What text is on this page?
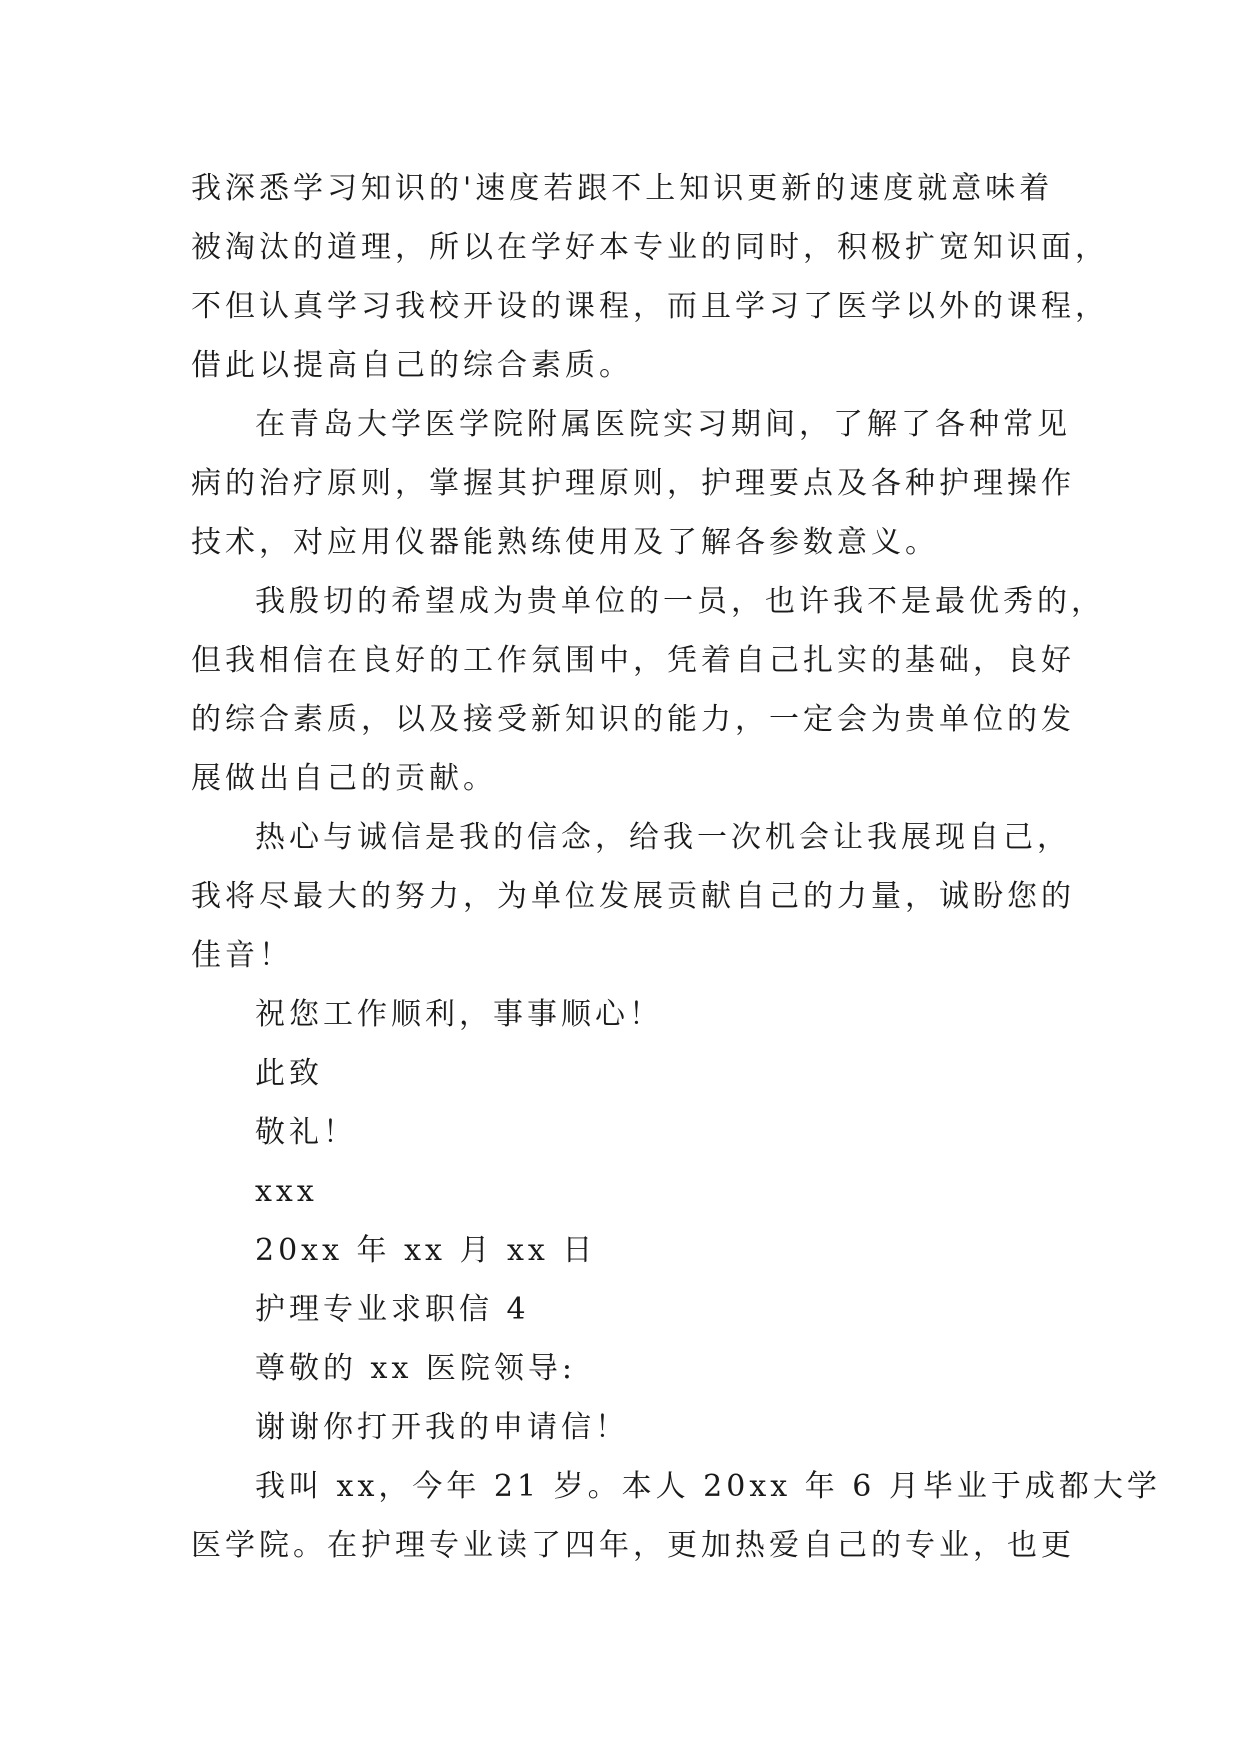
我深悉学习知识的'速度若跟不上知识更新的速度就意味着
被淘汰的道理，所以在学好本专业的同时，积极扩宽知识面，
不但认真学习我校开设的课程，而且学习了医学以外的课程，
借此以提高自己的综合素质。
在青岛大学医学院附属医院实习期间，了解了各种常见
病的治疗原则，掌握其护理原则，护理要点及各种护理操作
技术，对应用仪器能熟练使用及了解各参数意义。
我殷切的希望成为贵单位的一员，也许我不是最优秀的，
但我相信在良好的工作氛围中，凭着自己扎实的基础，良好
的综合素质，以及接受新知识的能力，一定会为贵单位的发
展做出自己的贡献。
热心与诚信是我的信念，给我一次机会让我展现自己，
我将尽最大的努力，为单位发展贡献自己的力量，诚盼您的
佳音！
祝您工作顺利，事事顺心！
此致
敬礼！
xxx
20xx 年 xx 月 xx 日
护理专业求职信 4
尊敬的 xx 医院领导:
谢谢你打开我的申请信！
我叫 xx，今年 21 岁。本人 20xx 年 6 月毕业于成都大学
医学院。在护理专业读了四年，更加热爱自己的专业，也更
